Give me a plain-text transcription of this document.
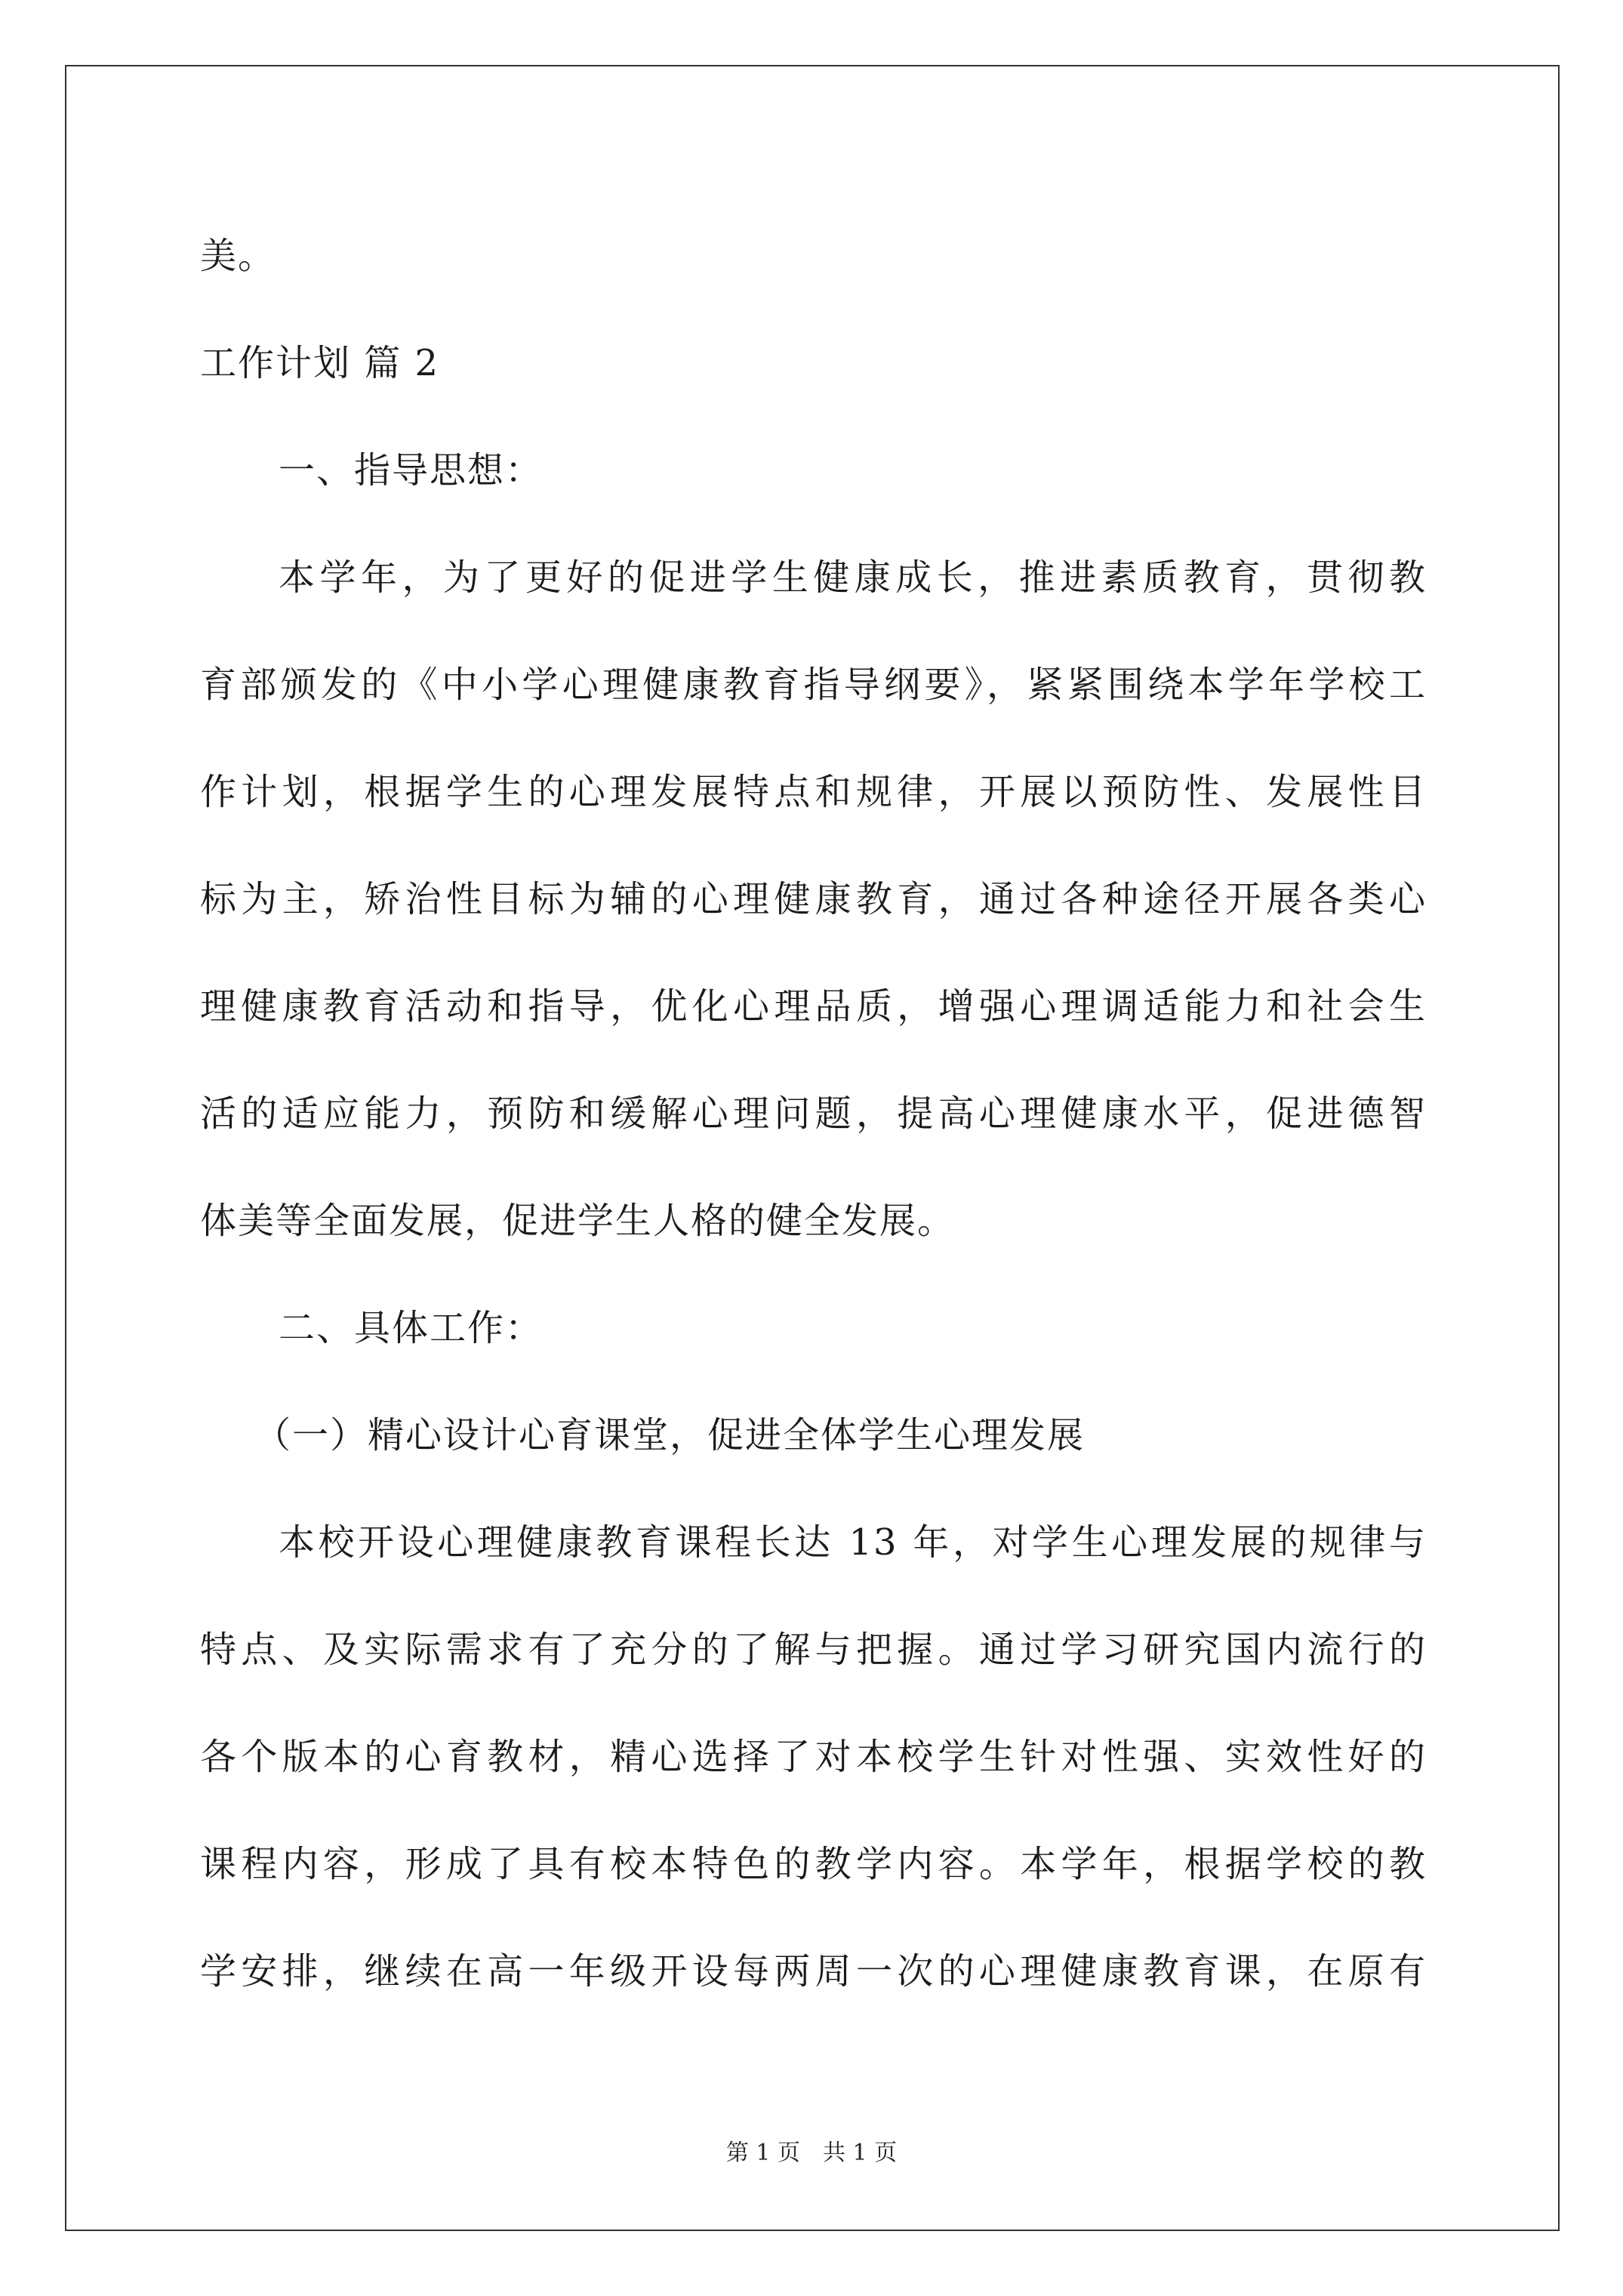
美。
工作计划 篇 2
一、指导思想：
本学年，为了更好的促进学生健康成长，推进素质教育，贯彻教
育部颁发的《中小学心理健康教育指导纲要》，紧紧围绕本学年学校工
作计划，根据学生的心理发展特点和规律，开展以预防性、发展性目
标为主，矫治性目标为辅的心理健康教育，通过各种途径开展各类心
理健康教育活动和指导，优化心理品质，增强心理调适能力和社会生
活的适应能力，预防和缓解心理问题，提高心理健康水平，促进德智
体美等全面发展，促进学生人格的健全发展。
二、具体工作：
（一）精心设计心育课堂，促进全体学生心理发展
本校开设心理健康教育课程长达 13 年，对学生心理发展的规律与
特点、及实际需求有了充分的了解与把握。通过学习研究国内流行的
各个版本的心育教材，精心选择了对本校学生针对性强、实效性好的
课程内容，形成了具有校本特色的教学内容。本学年，根据学校的教
学安排，继续在高一年级开设每两周一次的心理健康教育课，在原有
第 1 页　共 1 页
